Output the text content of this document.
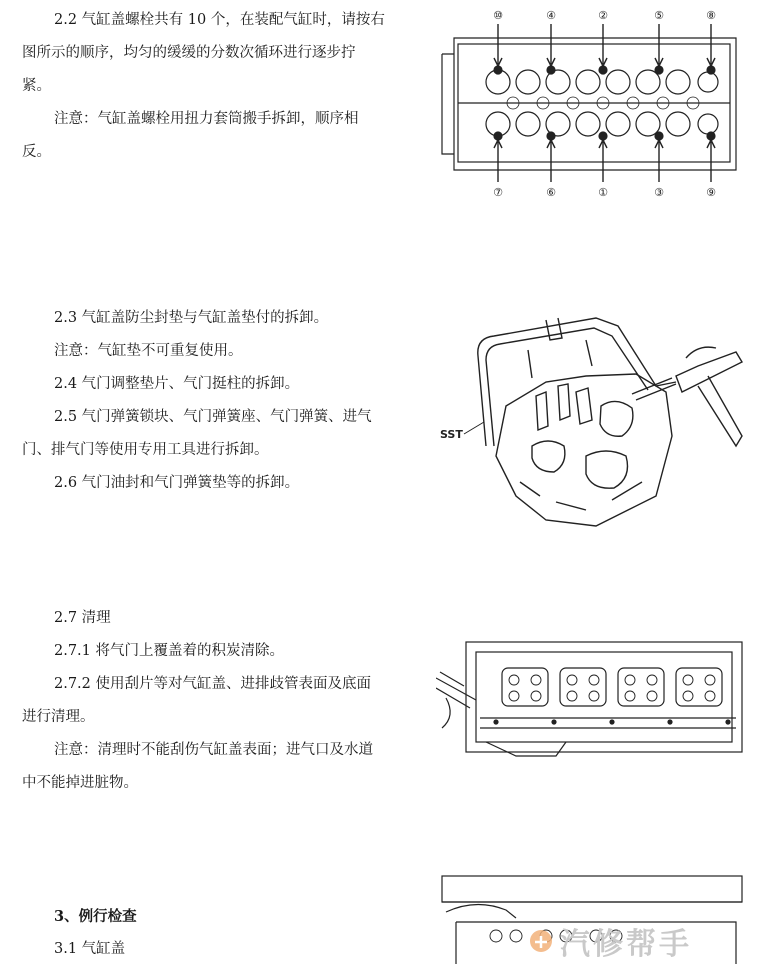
2.2 气缸盖螺栓共有 10 个，在装配气缸时，请按右
图所示的顺序，均匀的缓缓的分数次循环进行逐步拧
紧。
注意：气缸盖螺栓用扭力套筒搬手拆卸，顺序相
反。
2.3 气缸盖防尘封垫与气缸盖垫付的拆卸。
注意：气缸垫不可重复使用。
2.4 气门调整垫片、气门挺柱的拆卸。
2.5 气门弹簧锁块、气门弹簧座、气门弹簧、进气
门、排气门等使用专用工具进行拆卸。
2.6 气门油封和气门弹簧垫等的拆卸。
2.7 清理
2.7.1 将气门上覆盖着的积炭清除。
2.7.2 使用刮片等对气缸盖、进排歧管表面及底面
进行清理。
注意：清理时不能刮伤气缸盖表面；进气口及水道
中不能掉进脏物。
3、例行检查
3.1 气缸盖
⑩	④	②	⑤	⑧
⑦	⑥	①	③	⑨
SST
汽修帮手
